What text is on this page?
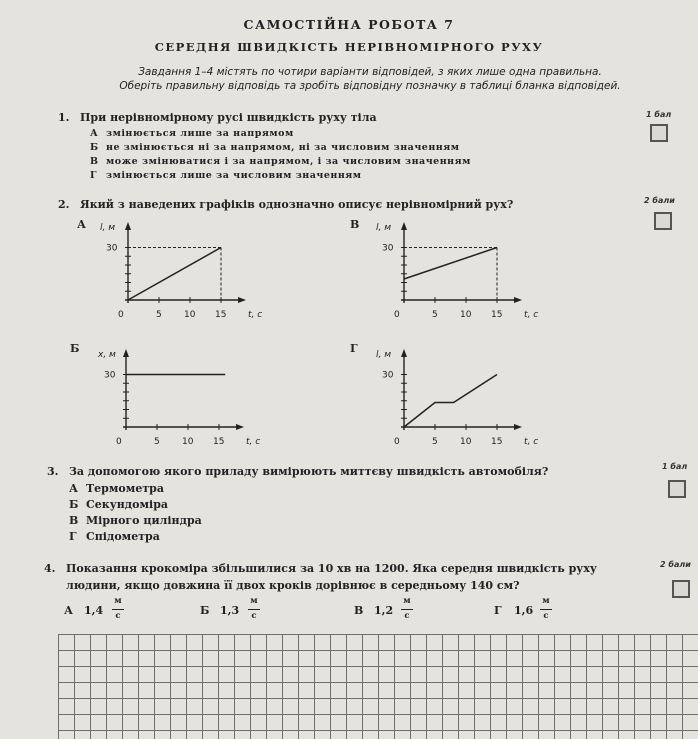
САМОСТІЙНА РОБОТА 7
СЕРЕДНЯ ШВИДКІСТЬ НЕРІВНОМІРНОГО РУХУ
Завдання 1–4 містять по чотири варіанти відповідей, з яких лише одна правильна.
Оберіть правильну відповідь та зробіть відповідну позначку в таблиці бланка відповідей.
1. При нерівномірному русі швидкість руху тіла	1 бал
А змінюється лише за напрямом
Б не змінюється ні за напрямом, ні за числовим значенням
В може змінюватися і за напрямом, і за числовим значенням
Г змінюється лише за числовим значенням
2. Який з наведених графіків однозначно описує нерівномірний рух?	2 бали
А	В
Б	Г
30
0	5 10 15
l, м
t, с
30
0	5 10 15
l, м
t, с
30
0	5 10 15
x, м
t, с
30
0	5 10 15
l, м
t, с
3. За допомогою якого приладу вимірюють миттєву швидкість автомобіля?	1 бал
А Термометра
Б Секундоміра
В Мірного циліндра
Г Спідометра
4. Показання крокоміра збільшилися за 10 хв на 1200. Яка середня швидкість руху
людини, якщо довжина її двох кроків дорівнює в середньому 140 см?
2 бали
А 1,4
м
с	Б 1,3
м
с	В 1,2
м
с	Г 1,6
м
с
